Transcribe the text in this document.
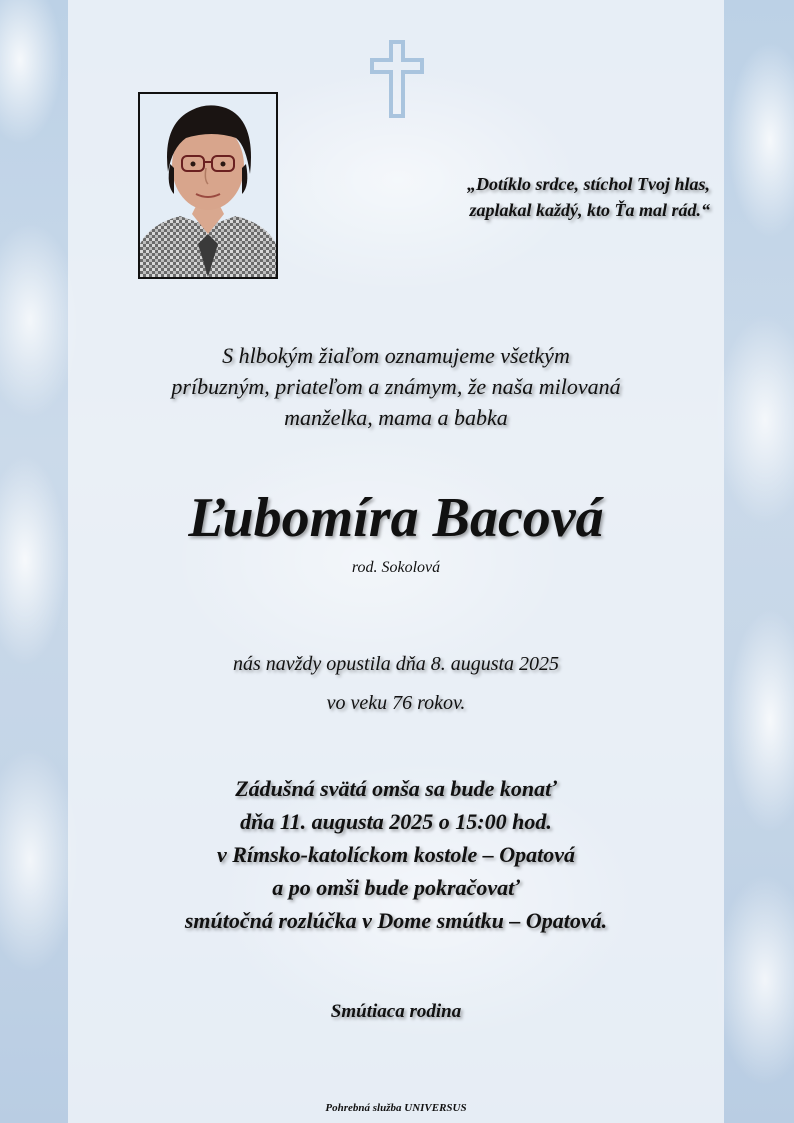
„Dotíklo srdce, stíchol Tvoj hlas,
zaplakal každý, kto Ťa mal rád.“
S hlbokým žiaľom oznamujeme všetkým
príbuzným, priateľom a známym, že naša milovaná
manželka, mama a babka
Ľubomíra Bacová
rod. Sokolová
nás navždy opustila dňa 8. augusta 2025
vo veku 76 rokov.
Zádušná svätá omša sa bude konať
dňa 11. augusta 2025 o 15:00 hod.
v Rímsko-katolíckom kostole – Opatová
a po omši bude pokračovať
smútočná rozlúčka v Dome smútku – Opatová.
Smútiaca rodina
Pohrebná služba UNIVERSUS
